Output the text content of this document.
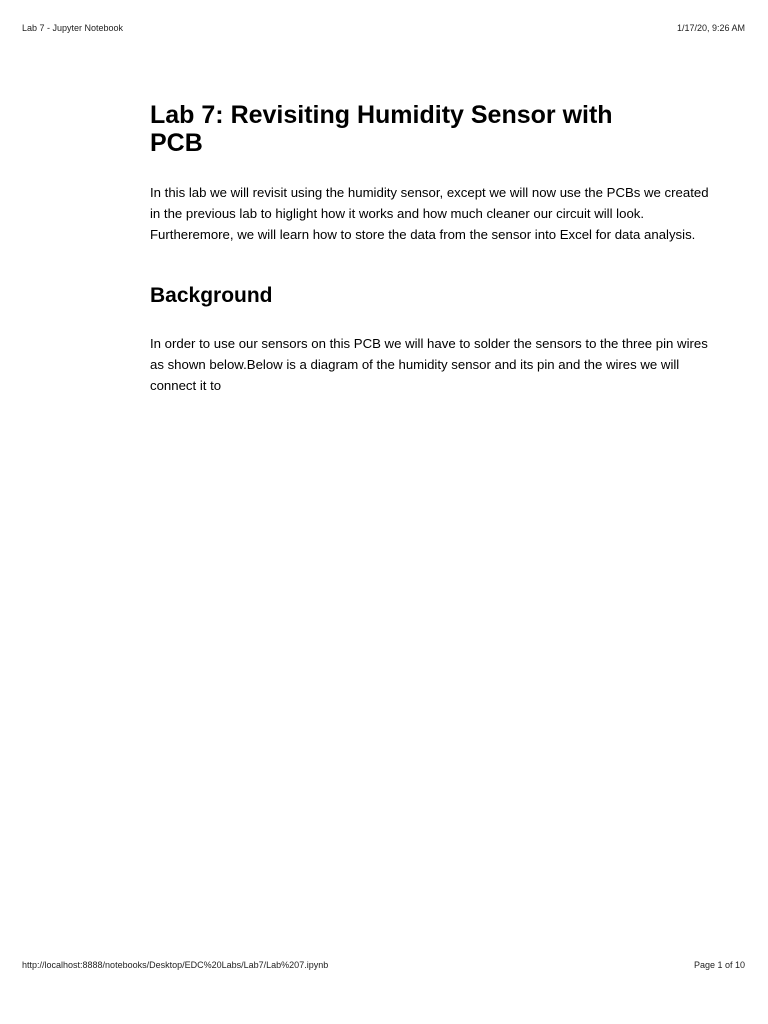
Lab 7 - Jupyter Notebook	1/17/20, 9:26 AM
Lab 7: Revisiting Humidity Sensor with PCB

In this lab we will revisit using the humidity sensor, except we will now use the PCBs we created in the previous lab to higlight how it works and how much cleaner our circuit will look. Furtheremore, we will learn how to store the data from the sensor into Excel for data analysis.

Background

In order to use our sensors on this PCB we will have to solder the sensors to the three pin wires as shown below.Below is a diagram of the humidity sensor and its pin and the wires we will connect it to

http://localhost:8888/notebooks/Desktop/EDC%20Labs/Lab7/Lab%207.ipynb	Page 1 of 10
